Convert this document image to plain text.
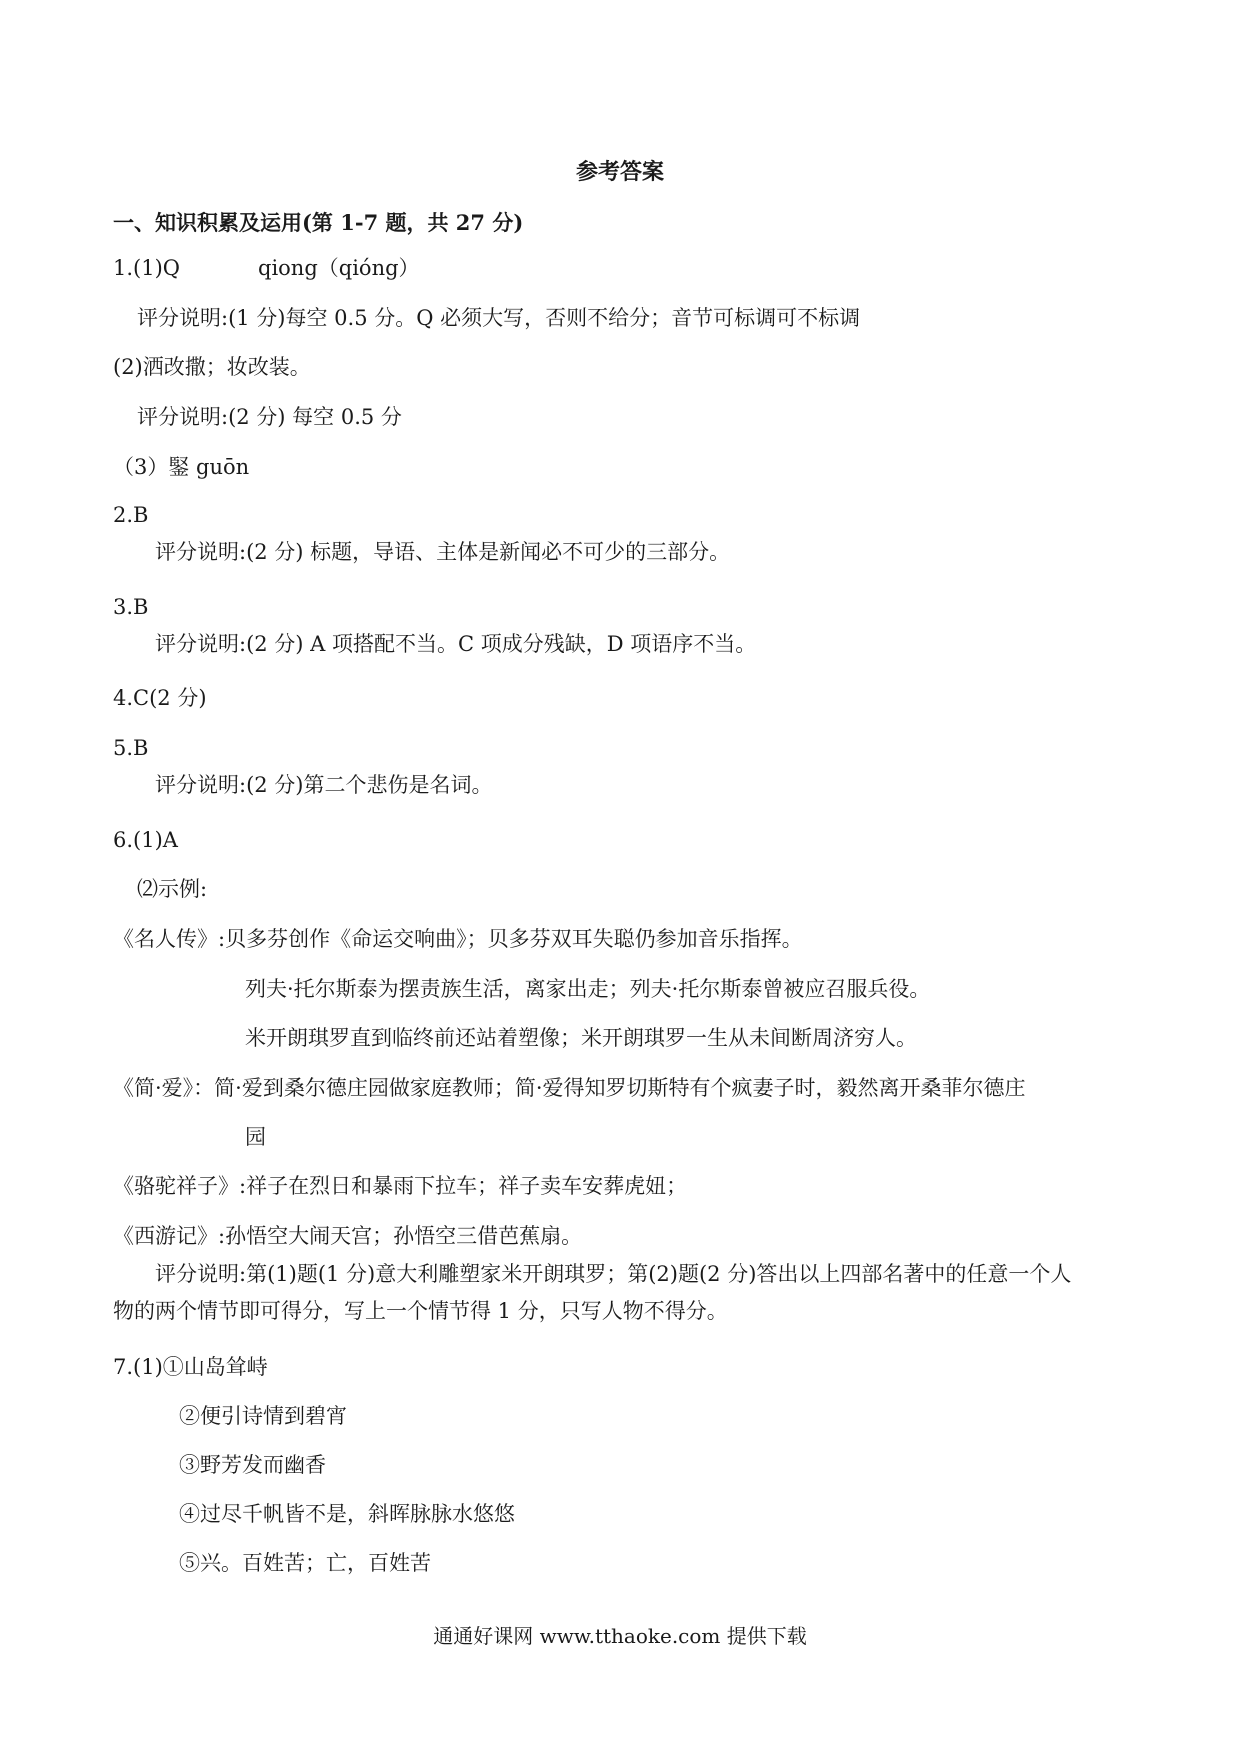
参考答案
一、知识积累及运用(第 1-7 题，共 27 分)
1.(1)Q	qiong（qióng）
评分说明:(1 分)每空 0.5 分。Q 必须大写，否则不给分；音节可标调可不标调
(2)洒改撒；妆改装。
评分说明:(2 分) 每空 0.5 分
（3）鋻 guōn
2.B
评分说明:(2 分) 标题，导语、主体是新闻必不可少的三部分。
3.B
评分说明:(2 分) A 项搭配不当。C 项成分残缺，D 项语序不当。
4.C(2 分)
5.B
评分说明:(2 分)第二个悲伤是名词。
6.(1)A
⑵示例:
《名人传》:贝多芬创作《命运交响曲》；贝多芬双耳失聪仍参加音乐指挥。
列夫·托尔斯泰为摆责族生活，离家出走；列夫·托尔斯泰曾被应召服兵役。
米开朗琪罗直到临终前还站着塑像；米开朗琪罗一生从未间断周济穷人。
《简·爱》：简·爱到桑尔德庄园做家庭教师；简·爱得知罗切斯特有个疯妻子时，毅然离开桑菲尔德庄
园
《骆驼祥子》:祥子在烈日和暴雨下拉车；祥子卖车安葬虎妞；
《西游记》:孙悟空大闹天宫；孙悟空三借芭蕉扇。
评分说明:第(1)题(1 分)意大利雕塑家米开朗琪罗；第(2)题(2 分)答出以上四部名著中的任意一个人
物的两个情节即可得分，写上一个情节得 1 分，只写人物不得分。
7.(1)①山岛耸峙
②便引诗情到碧宵
③野芳发而幽香
④过尽千帆皆不是，斜晖脉脉水悠悠
⑤兴。百姓苦；亡，百姓苦
通通好课网 www.tthaoke.com 提供下载
